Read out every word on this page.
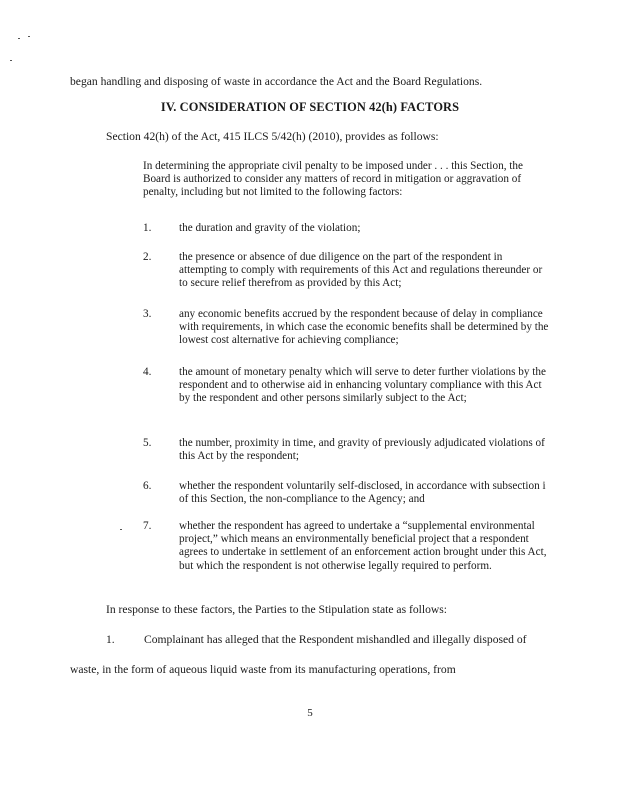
began handling and disposing of waste in accordance the Act and the Board Regulations.
IV. CONSIDERATION OF SECTION 42(h) FACTORS
Section 42(h) of the Act, 415 ILCS 5/42(h) (2010), provides as follows:
In determining the appropriate civil penalty to be imposed under . . . this Section, the Board is authorized to consider any matters of record in mitigation or aggravation of penalty, including but not limited to the following factors:
1. the duration and gravity of the violation;
2. the presence or absence of due diligence on the part of the respondent in attempting to comply with requirements of this Act and regulations thereunder or to secure relief therefrom as provided by this Act;
3. any economic benefits accrued by the respondent because of delay in compliance with requirements, in which case the economic benefits shall be determined by the lowest cost alternative for achieving compliance;
4. the amount of monetary penalty which will serve to deter further violations by the respondent and to otherwise aid in enhancing voluntary compliance with this Act by the respondent and other persons similarly subject to the Act;
5. the number, proximity in time, and gravity of previously adjudicated violations of this Act by the respondent;
6. whether the respondent voluntarily self-disclosed, in accordance with subsection i of this Section, the non-compliance to the Agency; and
7. whether the respondent has agreed to undertake a “supplemental environmental project,” which means an environmentally beneficial project that a respondent agrees to undertake in settlement of an enforcement action brought under this Act, but which the respondent is not otherwise legally required to perform.
In response to these factors, the Parties to the Stipulation state as follows:
1.	Complainant has alleged that the Respondent mishandled and illegally disposed of
waste, in the form of aqueous liquid waste from its manufacturing operations, from
5
